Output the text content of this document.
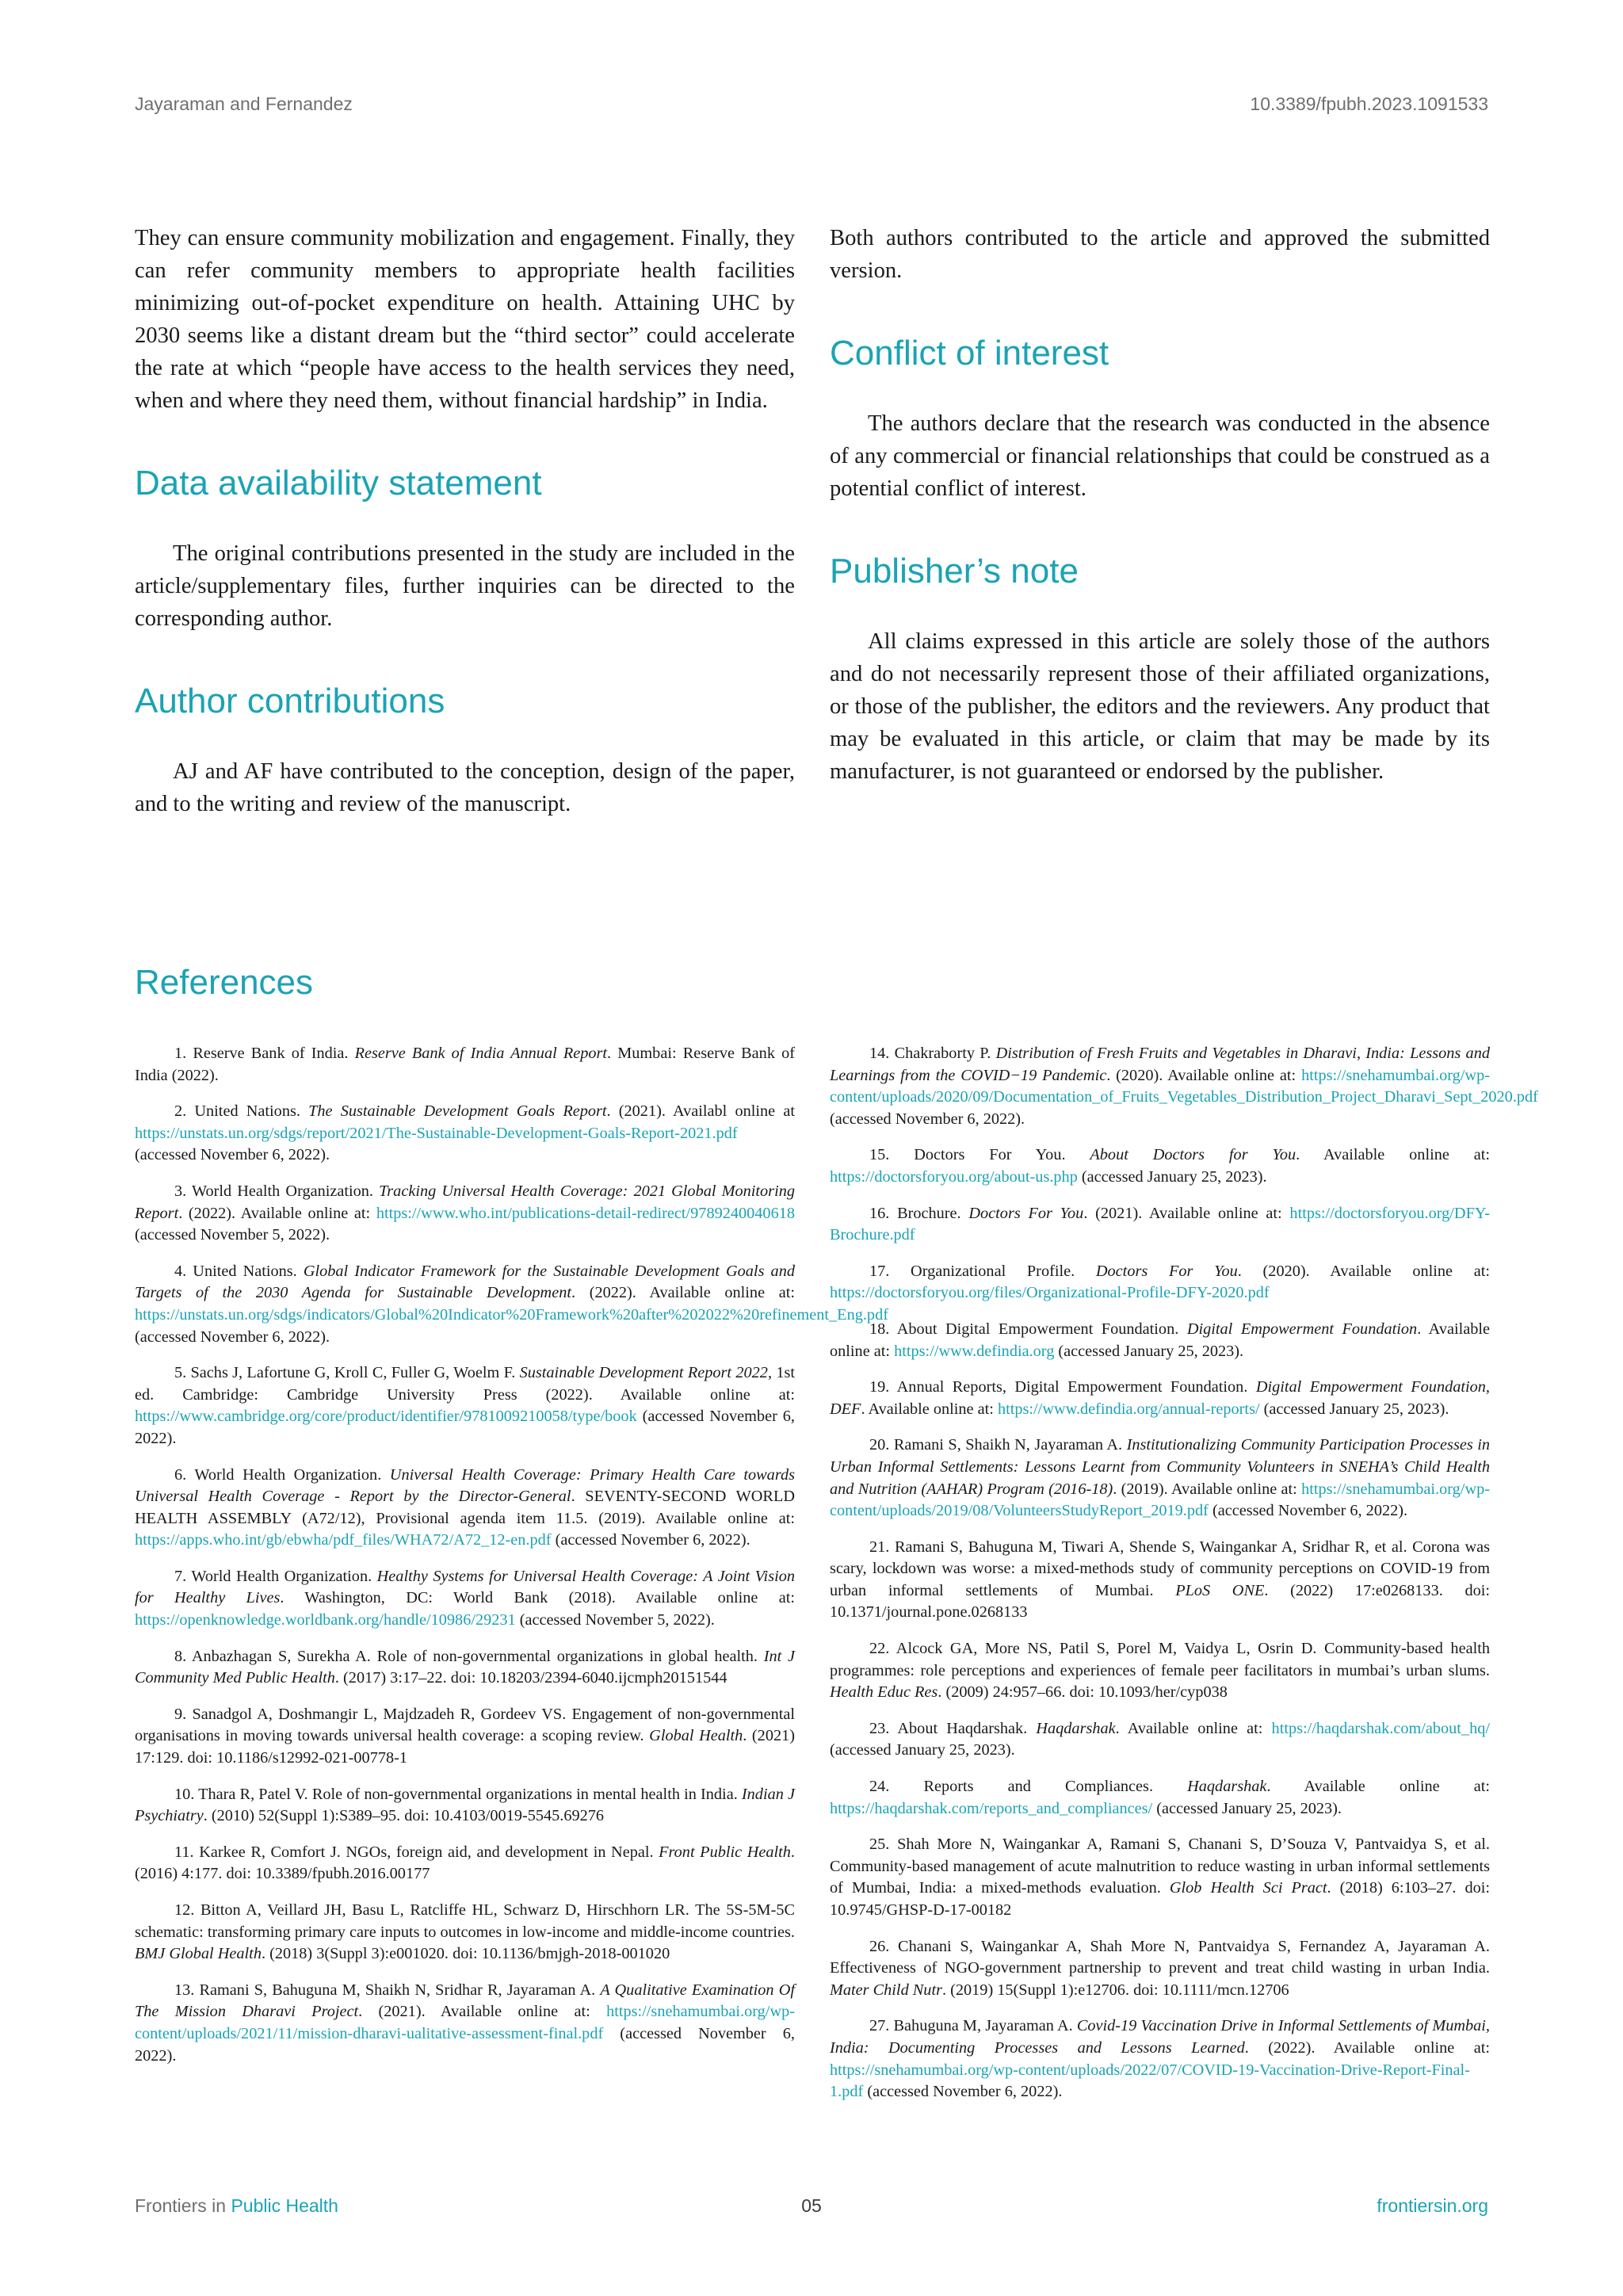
Jayaraman and Fernandez	10.3389/fpubh.2023.1091533

They can ensure community mobilization and engagement. Finally, they can refer community members to appropriate health facilities minimizing out-of-pocket expenditure on health. Attaining UHC by 2030 seems like a distant dream but the “third sector” could accelerate the rate at which “people have access to the health services they need, when and where they need them, without financial hardship” in India.

Data availability statement

The original contributions presented in the study are included in the article/supplementary files, further inquiries can be directed to the corresponding author.

Author contributions

AJ and AF have contributed to the conception, design of the paper, and to the writing and review of the manuscript.

Both authors contributed to the article and approved the submitted version.

Conflict of interest

The authors declare that the research was conducted in the absence of any commercial or financial relationships that could be construed as a potential conflict of interest.

Publisher’s note

All claims expressed in this article are solely those of the authors and do not necessarily represent those of their affiliated organizations, or those of the publisher, the editors and the reviewers. Any product that may be evaluated in this article, or claim that may be made by its manufacturer, is not guaranteed or endorsed by the publisher.

References

1. Reserve Bank of India. Reserve Bank of India Annual Report. Mumbai: Reserve Bank of India (2022).

2. United Nations. The Sustainable Development Goals Report. (2021). Availabl online at https://unstats.un.org/sdgs/report/2021/The-Sustainable-Development-Goals-Report-2021.pdf (accessed November 6, 2022).

3. World Health Organization. Tracking Universal Health Coverage: 2021 Global Monitoring Report. (2022). Available online at: https://www.who.int/publications-detail-redirect/9789240040618 (accessed November 5, 2022).

4. United Nations. Global Indicator Framework for the Sustainable Development Goals and Targets of the 2030 Agenda for Sustainable Development. (2022). Available online at: https://unstats.un.org/sdgs/indicators/Global%20Indicator%20Framework%20after%202022%20refinement_Eng.pdf (accessed November 6, 2022).

5. Sachs J, Lafortune G, Kroll C, Fuller G, Woelm F. Sustainable Development Report 2022, 1st ed. Cambridge: Cambridge University Press (2022). Available online at: https://www.cambridge.org/core/product/identifier/9781009210058/type/book (accessed November 6, 2022).

6. World Health Organization. Universal Health Coverage: Primary Health Care towards Universal Health Coverage - Report by the Director-General. SEVENTY-SECOND WORLD HEALTH ASSEMBLY (A72/12), Provisional agenda item 11.5. (2019). Available online at: https://apps.who.int/gb/ebwha/pdf_files/WHA72/A72_12-en.pdf (accessed November 6, 2022).

7. World Health Organization. Healthy Systems for Universal Health Coverage: A Joint Vision for Healthy Lives. Washington, DC: World Bank (2018). Available online at: https://openknowledge.worldbank.org/handle/10986/29231 (accessed November 5, 2022).

8. Anbazhagan S, Surekha A. Role of non-governmental organizations in global health. Int J Community Med Public Health. (2017) 3:17–22. doi: 10.18203/2394-6040.ijcmph20151544

9. Sanadgol A, Doshmangir L, Majdzadeh R, Gordeev VS. Engagement of non-governmental organisations in moving towards universal health coverage: a scoping review. Global Health. (2021) 17:129. doi: 10.1186/s12992-021-00778-1

10. Thara R, Patel V. Role of non-governmental organizations in mental health in India. Indian J Psychiatry. (2010) 52(Suppl 1):S389–95. doi: 10.4103/0019-5545.69276

11. Karkee R, Comfort J. NGOs, foreign aid, and development in Nepal. Front Public Health. (2016) 4:177. doi: 10.3389/fpubh.2016.00177

12. Bitton A, Veillard JH, Basu L, Ratcliffe HL, Schwarz D, Hirschhorn LR. The 5S-5M-5C schematic: transforming primary care inputs to outcomes in low-income and middle-income countries. BMJ Global Health. (2018) 3(Suppl 3):e001020. doi: 10.1136/bmjgh-2018-001020

13. Ramani S, Bahuguna M, Shaikh N, Sridhar R, Jayaraman A. A Qualitative Examination Of The Mission Dharavi Project. (2021). Available online at: https://snehamumbai.org/wp-content/uploads/2021/11/mission-dharavi-ualitative-assessment-final.pdf (accessed November 6, 2022).

14. Chakraborty P. Distribution of Fresh Fruits and Vegetables in Dharavi, India: Lessons and Learnings from the COVID−19 Pandemic. (2020). Available online at: https://snehamumbai.org/wp-content/uploads/2020/09/Documentation_of_Fruits_Vegetables_Distribution_Project_Dharavi_Sept_2020.pdf (accessed November 6, 2022).

15. Doctors For You. About Doctors for You. Available online at: https://doctorsforyou.org/about-us.php (accessed January 25, 2023).

16. Brochure. Doctors For You. (2021). Available online at: https://doctorsforyou.org/DFY-Brochure.pdf

17. Organizational Profile. Doctors For You. (2020). Available online at: https://doctorsforyou.org/files/Organizational-Profile-DFY-2020.pdf

18. About Digital Empowerment Foundation. Digital Empowerment Foundation. Available online at: https://www.defindia.org (accessed January 25, 2023).

19. Annual Reports, Digital Empowerment Foundation. Digital Empowerment Foundation, DEF. Available online at: https://www.defindia.org/annual-reports/ (accessed January 25, 2023).

20. Ramani S, Shaikh N, Jayaraman A. Institutionalizing Community Participation Processes in Urban Informal Settlements: Lessons Learnt from Community Volunteers in SNEHA’s Child Health and Nutrition (AAHAR) Program (2016-18). (2019). Available online at: https://snehamumbai.org/wp-content/uploads/2019/08/VolunteersStudyReport_2019.pdf (accessed November 6, 2022).

21. Ramani S, Bahuguna M, Tiwari A, Shende S, Waingankar A, Sridhar R, et al. Corona was scary, lockdown was worse: a mixed-methods study of community perceptions on COVID-19 from urban informal settlements of Mumbai. PLoS ONE. (2022) 17:e0268133. doi: 10.1371/journal.pone.0268133

22. Alcock GA, More NS, Patil S, Porel M, Vaidya L, Osrin D. Community-based health programmes: role perceptions and experiences of female peer facilitators in mumbai’s urban slums. Health Educ Res. (2009) 24:957–66. doi: 10.1093/her/cyp038

23. About Haqdarshak. Haqdarshak. Available online at: https://haqdarshak.com/about_hq/ (accessed January 25, 2023).

24. Reports and Compliances. Haqdarshak. Available online at: https://haqdarshak.com/reports_and_compliances/ (accessed January 25, 2023).

25. Shah More N, Waingankar A, Ramani S, Chanani S, D’Souza V, Pantvaidya S, et al. Community-based management of acute malnutrition to reduce wasting in urban informal settlements of Mumbai, India: a mixed-methods evaluation. Glob Health Sci Pract. (2018) 6:103–27. doi: 10.9745/GHSP-D-17-00182

26. Chanani S, Waingankar A, Shah More N, Pantvaidya S, Fernandez A, Jayaraman A. Effectiveness of NGO-government partnership to prevent and treat child wasting in urban India. Mater Child Nutr. (2019) 15(Suppl 1):e12706. doi: 10.1111/mcn.12706

27. Bahuguna M, Jayaraman A. Covid-19 Vaccination Drive in Informal Settlements of Mumbai, India: Documenting Processes and Lessons Learned. (2022). Available online at: https://snehamumbai.org/wp-content/uploads/2022/07/COVID-19-Vaccination-Drive-Report-Final-1.pdf (accessed November 6, 2022).

Frontiers in Public Health	05	frontiersin.org
